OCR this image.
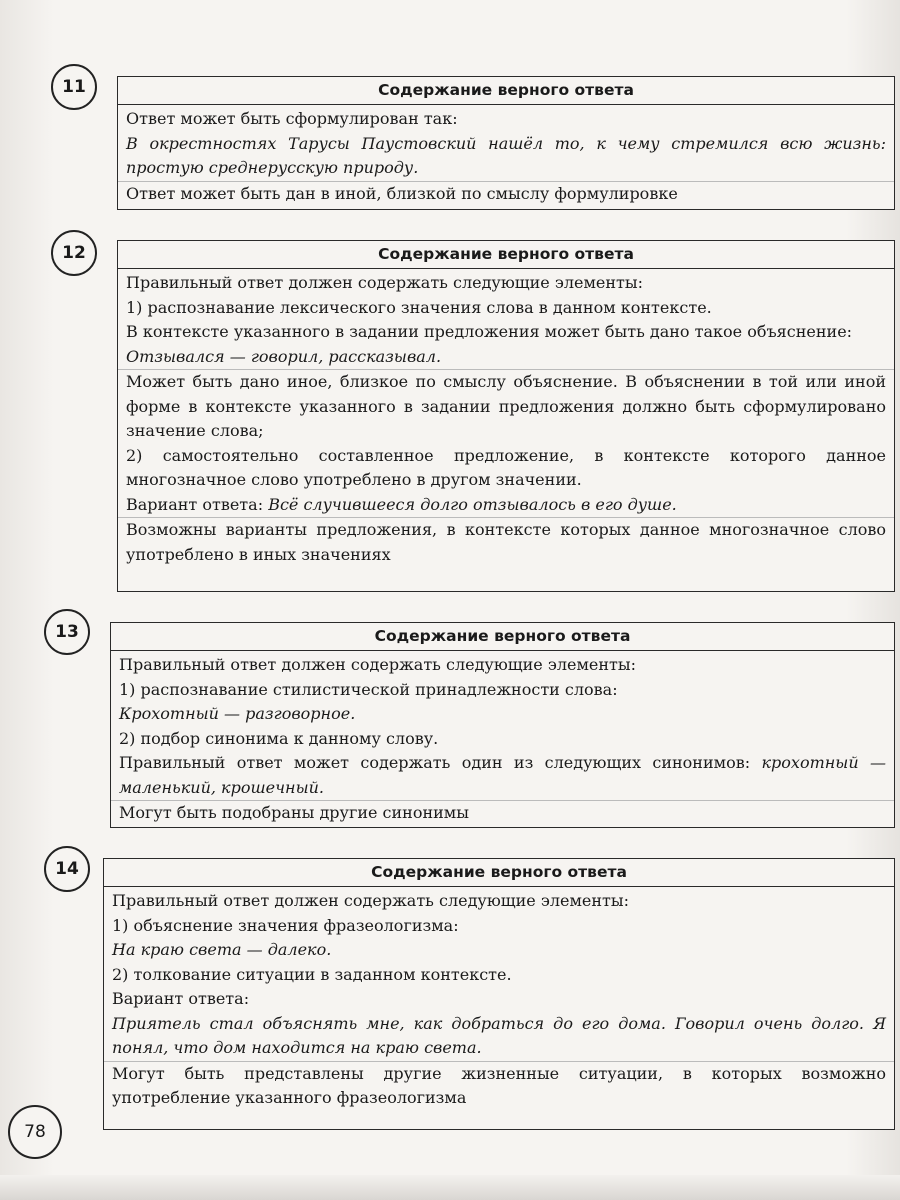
11	Содержание верного ответа

Ответ может быть сформулирован так:

В окрестностях Тарусы Паустовский нашёл то, к чему стремился всю жизнь: простую среднерусскую природу.

Ответ может быть дан в иной, близкой по смыслу формулировке

12	Содержание верного ответа

Правильный ответ должен содержать следующие элементы:

1) распознавание лексического значения слова в данном контексте.

В контексте указанного в задании предложения может быть дано такое объяснение:

Отзывался — говорил, рассказывал.

Может быть дано иное, близкое по смыслу объяснение. В объяснении в той или иной форме в контексте указанного в задании предложения должно быть сформулировано значение слова;

2) самостоятельно составленное предложение, в контексте которого данное многозначное слово употреблено в другом значении.

Вариант ответа: Всё случившееся долго отзывалось в его душе.

Возможны варианты предложения, в контексте которых данное многозначное слово употреблено в иных значениях

13	Содержание верного ответа

Правильный ответ должен содержать следующие элементы:

1) распознавание стилистической принадлежности слова:

Крохотный — разговорное.

2) подбор синонима к данному слову.

Правильный ответ может содержать один из следующих синонимов: крохотный — маленький, крошечный.

Могут быть подобраны другие синонимы

14	Содержание верного ответа

Правильный ответ должен содержать следующие элементы:

1) объяснение значения фразеологизма:

На краю света — далеко.

2) толкование ситуации в заданном контексте.

Вариант ответа:

Приятель стал объяснять мне, как добраться до его дома. Говорил очень долго. Я понял, что дом находится на краю света.

Могут быть представлены другие жизненные ситуации, в которых возможно употребление указанного фразеологизма

78
